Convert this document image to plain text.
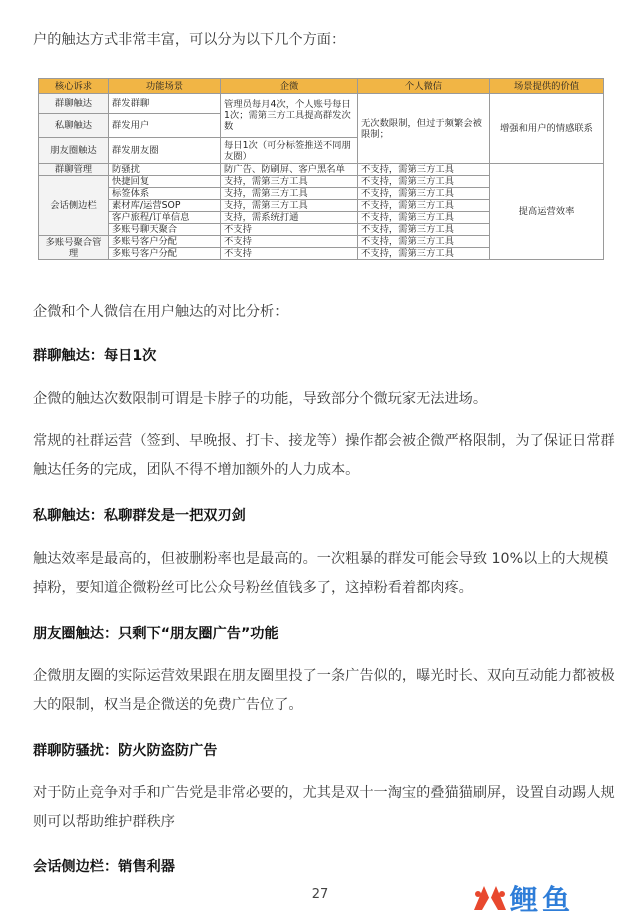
户的触达方式非常丰富，可以分为以下几个方面：
核心诉求	功能场景	企微	个人微信	场景提供的价值
群聊触达	群发群聊	管理员每月4次，个人账号每日1次；需第三方工具提高群发次数	无次数限制，但过于频繁会被限制；	增强和用户的情感联系
私聊触达	群发用户			
朋友圈触达	群发朋友圈	每日1次（可分标签推送不同朋友圈）		
群聊管理	防骚扰	防广告、防刷屏、客户黑名单	不支持，需第三方工具	提高运营效率
会话侧边栏	快捷回复	支持，需第三方工具	不支持，需第三方工具	
	标签体系	支持，需第三方工具	不支持，需第三方工具	
	素材库/运营SOP	支持，需第三方工具	不支持，需第三方工具	
	客户旅程/订单信息	支持，需系统打通	不支持，需第三方工具	
	多账号聊天聚合	不支持	不支持，需第三方工具	
多账号聚合管理	多账号客户分配	不支持	不支持，需第三方工具	
	多账号客户分配	不支持	不支持，需第三方工具	
企微和个人微信在用户触达的对比分析：
群聊触达：每日1次
企微的触达次数限制可谓是卡脖子的功能，导致部分个微玩家无法进场。
常规的社群运营（签到、早晚报、打卡、接龙等）操作都会被企微严格限制，为了保证日常群触达任务的完成，团队不得不增加额外的人力成本。
私聊触达：私聊群发是一把双刃剑
触达效率是最高的，但被删粉率也是最高的。一次粗暴的群发可能会导致 10%以上的大规模掉粉，要知道企微粉丝可比公众号粉丝值钱多了，这掉粉看着都肉疼。
朋友圈触达：只剩下“朋友圈广告”功能
企微朋友圈的实际运营效果跟在朋友圈里投了一条广告似的，曝光时长、双向互动能力都被极大的限制，权当是企微送的免费广告位了。
群聊防骚扰：防火防盗防广告
对于防止竞争对手和广告党是非常必要的，尤其是双十一淘宝的叠猫猫刷屏，设置自动踢人规则可以帮助维护群秩序
会话侧边栏：销售利器
27	鲤鱼
